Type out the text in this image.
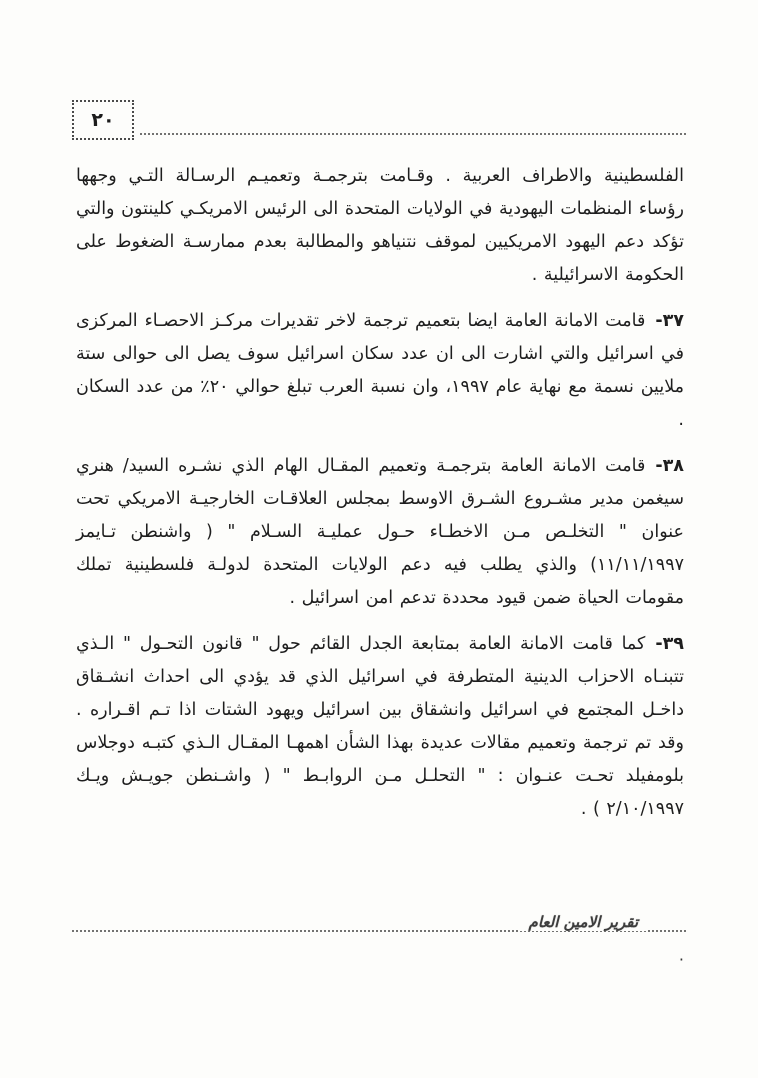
٢٠

الفلسطينية والاطراف العربية . وقـامت بترجمـة وتعميـم الرسـالة التـي وجهها رؤساء المنظمات اليهودية في الولايات المتحدة الى الرئيس الامريكـي كلينتون والتي تؤكد دعم اليهود الامريكيين لموقف نتنياهو والمطالبة بعدم ممارسـة الضغوط على الحكومة الاسرائيلية .

٣٧-قامت الامانة العامة ايضا بتعميم ترجمة لاخر تقديرات مركـز الاحصـاء المركزى في اسرائيل والتي اشارت الى ان عدد سكان اسرائيل سوف يصل الى حوالى ستة ملايين نسمة مع نهاية عام ١٩٩٧، وان نسبة العرب تبلغ حوالي ٢٠٪ من عدد السكان .

٣٨-قامت الامانة العامة بترجمـة وتعميم المقـال الهام الذي نشـره السيد/ هنري سيغمن مدير مشـروع الشـرق الاوسط بمجلس العلاقـات الخارجيـة الامريكي تحت عنوان " التخلـص مـن الاخطـاء حـول عمليـة السـلام " ( واشنطن تـايمز ١١/١١/١٩٩٧) والذي يطلب فيه دعم الولايات المتحدة لدولـة فلسطينية تملك مقومات الحياة ضمن قيود محددة تدعم امن اسرائيل .

٣٩-كما قامت الامانة العامة بمتابعة الجدل القائم حول " قانون التحـول " الـذي تتبنـاه الاحزاب الدينية المتطرفة في اسرائيل الذي قد يؤدي الى احداث انشـقاق داخـل المجتمع في اسرائيل وانشقاق بين اسرائيل ويهود الشتات اذا تـم اقـراره . وقد تم ترجمة وتعميم مقالات عديدة بهذا الشأن اهمهـا المقـال الـذي كتبـه دوجلاس بلومفيلد تحـت عنـوان : " التحلـل مـن الروابـط " ( واشـنطن جويـش ويـك ٢/١٠/١٩٩٧ ) .

تقرير الامين العام
·
